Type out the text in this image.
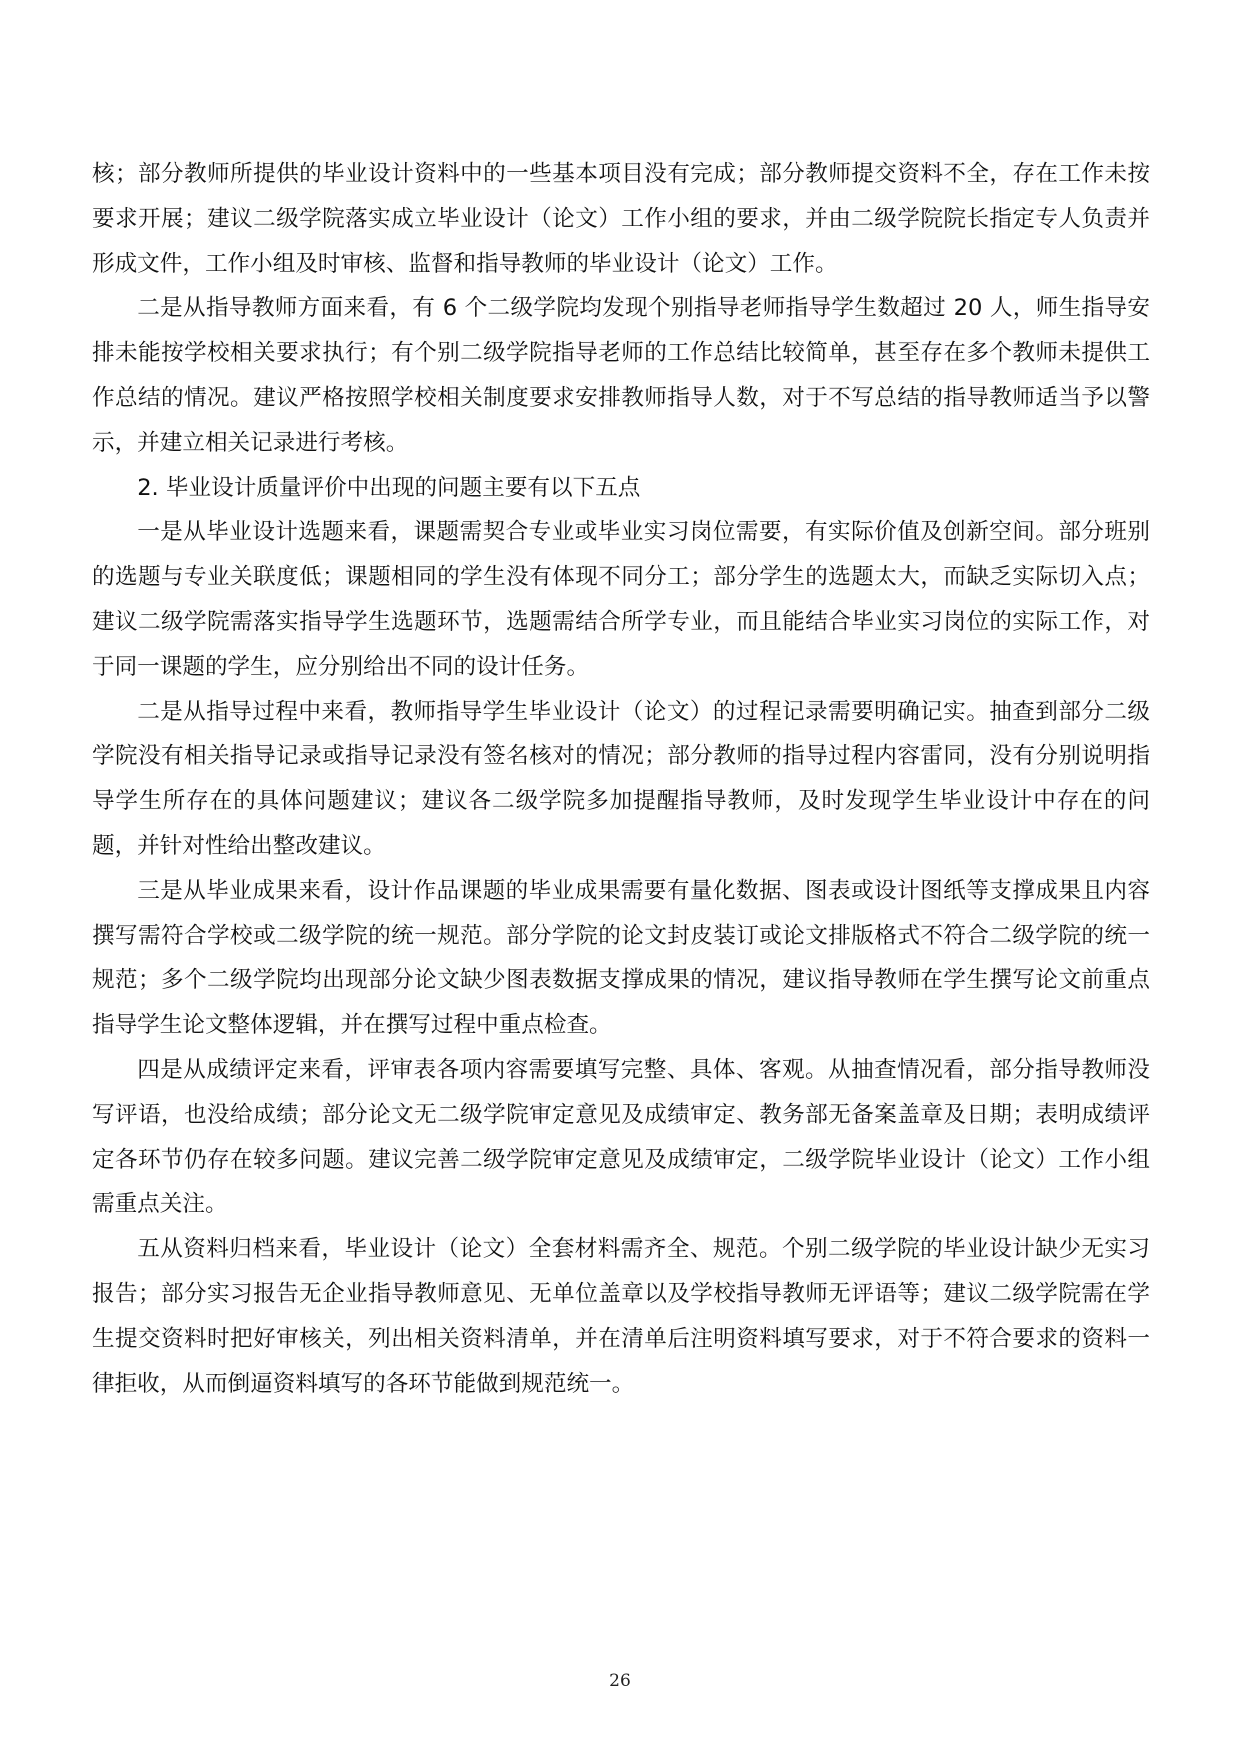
核；部分教师所提供的毕业设计资料中的一些基本项目没有完成；部分教师提交资料不全，存在工作未按要求开展；建议二级学院落实成立毕业设计（论文）工作小组的要求，并由二级学院院长指定专人负责并形成文件，工作小组及时审核、监督和指导教师的毕业设计（论文）工作。

二是从指导教师方面来看，有 6 个二级学院均发现个别指导老师指导学生数超过 20 人，师生指导安排未能按学校相关要求执行；有个别二级学院指导老师的工作总结比较简单，甚至存在多个教师未提供工作总结的情况。建议严格按照学校相关制度要求安排教师指导人数，对于不写总结的指导教师适当予以警示，并建立相关记录进行考核。

2. 毕业设计质量评价中出现的问题主要有以下五点

一是从毕业设计选题来看，课题需契合专业或毕业实习岗位需要，有实际价值及创新空间。部分班别的选题与专业关联度低；课题相同的学生没有体现不同分工；部分学生的选题太大，而缺乏实际切入点；建议二级学院需落实指导学生选题环节，选题需结合所学专业，而且能结合毕业实习岗位的实际工作，对于同一课题的学生，应分别给出不同的设计任务。

二是从指导过程中来看，教师指导学生毕业设计（论文）的过程记录需要明确记实。抽查到部分二级学院没有相关指导记录或指导记录没有签名核对的情况；部分教师的指导过程内容雷同，没有分别说明指导学生所存在的具体问题建议；建议各二级学院多加提醒指导教师，及时发现学生毕业设计中存在的问题，并针对性给出整改建议。

三是从毕业成果来看，设计作品课题的毕业成果需要有量化数据、图表或设计图纸等支撑成果且内容撰写需符合学校或二级学院的统一规范。部分学院的论文封皮装订或论文排版格式不符合二级学院的统一规范；多个二级学院均出现部分论文缺少图表数据支撑成果的情况，建议指导教师在学生撰写论文前重点指导学生论文整体逻辑，并在撰写过程中重点检查。

四是从成绩评定来看，评审表各项内容需要填写完整、具体、客观。从抽查情况看，部分指导教师没写评语，也没给成绩；部分论文无二级学院审定意见及成绩审定、教务部无备案盖章及日期；表明成绩评定各环节仍存在较多问题。建议完善二级学院审定意见及成绩审定，二级学院毕业设计（论文）工作小组需重点关注。

五从资料归档来看，毕业设计（论文）全套材料需齐全、规范。个别二级学院的毕业设计缺少无实习报告；部分实习报告无企业指导教师意见、无单位盖章以及学校指导教师无评语等；建议二级学院需在学生提交资料时把好审核关，列出相关资料清单，并在清单后注明资料填写要求，对于不符合要求的资料一律拒收，从而倒逼资料填写的各环节能做到规范统一。

26
